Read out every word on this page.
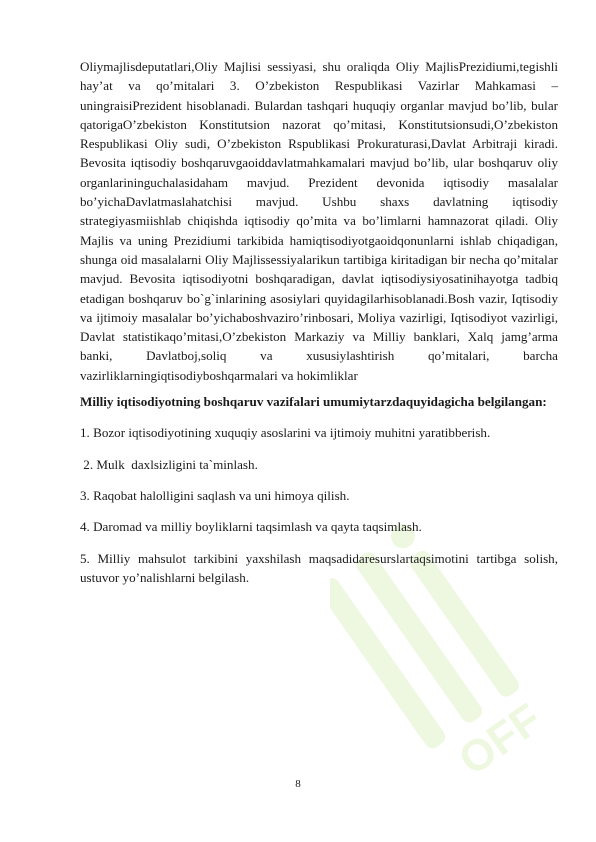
OFF

Oliymajlisdeputatlari,Oliy Majlisi sessiyasi, shu oraliqda Oliy MajlisPrezidiumi,tegishli hay’at va qo’mitalari 3. O’zbekiston Respublikasi Vazirlar Mahkamasi –uningraisiPrezident hisoblanadi. Bulardan tashqari huquqiy organlar mavjud bo’lib, bular qatorigaO’zbekiston Konstitutsion nazorat qo’mitasi, Konstitutsionsudi,O’zbekiston Respublikasi Oliy sudi, O’zbekiston Rspublikasi Prokuraturasi,Davlat Arbitraji kiradi. Bevosita iqtisodiy boshqaruvgaoiddavlatmahkamalari mavjud bo’lib, ular boshqaruv oliy organlarininguchalasidaham mavjud. Prezident devonida iqtisodiy masalalar bo’yichaDavlatmaslahatchisi mavjud. Ushbu shaxs davlatning iqtisodiy strategiyasmiishlab chiqishda iqtisodiy qo’mita va bo’limlarni hamnazorat qiladi. Oliy Majlis va uning Prezidiumi tarkibida hamiqtisodiyotgaoidqonunlarni ishlab chiqadigan, shunga oid masalalarni Oliy Majlissessiyalarikun tartibiga kiritadigan bir necha qo’mitalar mavjud. Bevosita iqtisodiyotni boshqaradigan, davlat iqtisodiysiyosatinihayotga tadbiq etadigan boshqaruv bo`g`inlarining asosiylari quyidagilarhisoblanadi.Bosh vazir, Iqtisodiy va ijtimoiy masalalar bo’yichaboshvaziro’rinbosari, Moliya vazirligi, Iqtisodiyot vazirligi, Davlat statistikaqo’mitasi,O’zbekiston Markaziy va Milliy banklari, Xalq jamg’arma banki, Davlatboj,soliq va xususiylashtirish qo’mitalari, barcha vazirliklarningiqtisodiyboshqarmalari va hokimliklar

Milliy iqtisodiyotning boshqaruv vazifalari umumiytarzdaquyidagicha belgilangan:

1. Bozor iqtisodiyotining xuquqiy asoslarini va ijtimoiy muhitni yaratibberish.

2. Mulk  daxlsizligini ta`minlash.

3. Raqobat halolligini saqlash va uni himoya qilish.

4. Daromad va milliy boyliklarni taqsimlash va qayta taqsimlash.

5. Milliy mahsulot tarkibini yaxshilash maqsadidaresurslartaqsimotini tartibga solish, ustuvor yo’nalishlarni belgilash.

8
